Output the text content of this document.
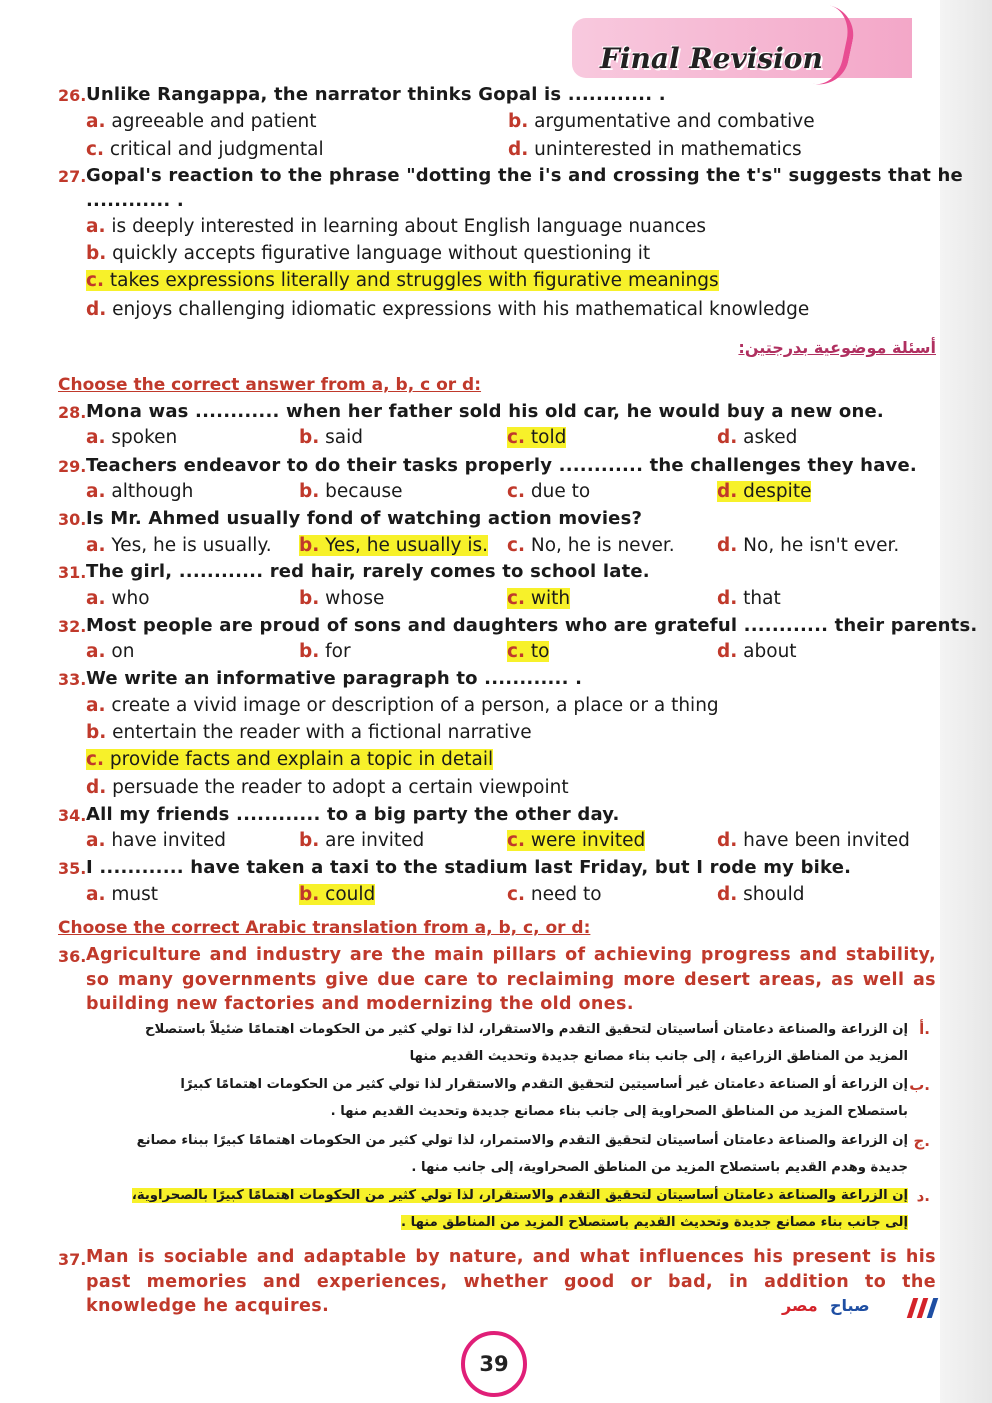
Final Revision
26. Unlike Rangappa, the narrator thinks Gopal is ............ .
a. agreeable and patient	b. argumentative and combative
c. critical and judgmental	d. uninterested in mathematics
27. Gopal's reaction to the phrase "dotting the i's and crossing the t's" suggests that he
............ .
a. is deeply interested in learning about English language nuances
b. quickly accepts figurative language without questioning it
c. takes expressions literally and struggles with figurative meanings
d. enjoys challenging idiomatic expressions with his mathematical knowledge
أسئلة موضوعية بدرجتين:
Choose the correct answer from a, b, c or d:
28. Mona was ............ when her father sold his old car, he would buy a new one.
a. spoken	b. said	c. told	d. asked
29. Teachers endeavor to do their tasks properly ............ the challenges they have.
a. although	b. because	c. due to	d. despite
30. Is Mr. Ahmed usually fond of watching action movies?
a. Yes, he is usually. b. Yes, he usually is. c. No, he is never. d. No, he isn't ever.
31. The girl, ............ red hair, rarely comes to school late.
a. who	b. whose	c. with	d. that
32. Most people are proud of sons and daughters who are grateful ............ their parents.
a. on	b. for	c. to	d. about
33. We write an informative paragraph to ............ .
a. create a vivid image or description of a person, a place or a thing
b. entertain the reader with a fictional narrative
c. provide facts and explain a topic in detail
d. persuade the reader to adopt a certain viewpoint
34. All my friends ............ to a big party the other day.
a. have invited	b. are invited	c. were invited	d. have been invited
35. I ............ have taken a taxi to the stadium last Friday, but I rode my bike.
a. must	b. could	c. need to	d. should
Choose the correct Arabic translation from a, b, c, or d:
36. Agriculture and industry are the main pillars of achieving progress and stability, so many governments give due care to reclaiming more desert areas, as well as building new factories and modernizing the old ones.
أ.
إن الزراعة والصناعة دعامتان أساسيتان لتحقيق التقدم والاستقرار، لذا تولي كثير من الحكومات اهتمامًا ضئيلاً باستصلاح
المزيد من المناطق الزراعية ، إلى جانب بناء مصانع جديدة وتحديث القديم منها
ب.
إن الزراعة أو الصناعة دعامتان غير أساسيتين لتحقيق التقدم والاستقرار لذا تولي كثير من الحكومات اهتمامًا كبيرًا
باستصلاح المزيد من المناطق الصحراوية إلى جانب بناء مصانع جديدة وتحديث القديم منها .
ج.
إن الزراعة والصناعة دعامتان أساسيتان لتحقيق التقدم والاستمرار، لذا تولي كثير من الحكومات اهتمامًا كبيرًا ببناء مصانع
جديدة وهدم القديم باستصلاح المزيد من المناطق الصحراوية، إلى جانب منها .
د.
إن الزراعة والصناعة دعامتان أساسيتان لتحقيق التقدم والاستقرار، لذا تولي كثير من الحكومات اهتمامًا كبيرًا بالصحراوية،
إلى جانب بناء مصانع جديدة وتحديث القديم باستصلاح المزيد من المناطق منها .
37. Man is sociable and adaptable by nature, and what influences his present is his past memories and experiences, whether good or bad, in addition to the knowledge he acquires.	مصر صباح
39
